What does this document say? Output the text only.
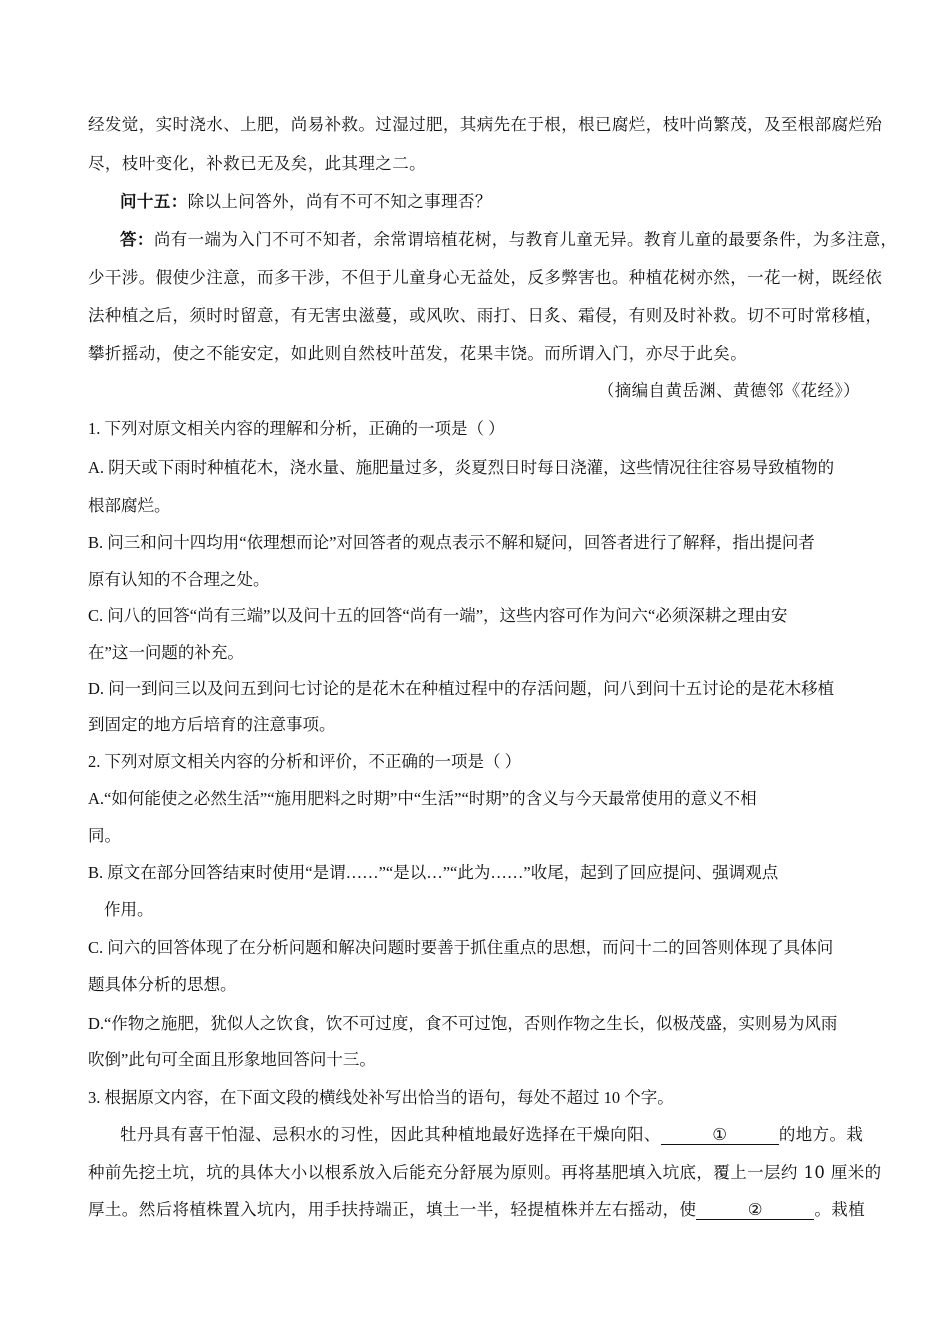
经发觉，实时浇水、上肥，尚易补救。过湿过肥，其病先在于根，根已腐烂，枝叶尚繁茂，及至根部腐烂殆
尽，枝叶变化，补救已无及矣，此其理之二。
问十五：除以上问答外，尚有不可不知之事理否？
答：尚有一端为入门不可不知者，余常谓培植花树，与教育儿童无异。教育儿童的最要条件，为多注意，
少干涉。假使少注意，而多干涉，不但于儿童身心无益处，反多弊害也。种植花树亦然，一花一树，既经依
法种植之后，须时时留意，有无害虫滋蔓，或风吹、雨打、日炙、霜侵，有则及时补救。切不可时常移植，
攀折摇动，使之不能安定，如此则自然枝叶茁发，花果丰饶。而所谓入门，亦尽于此矣。
（摘编自黄岳渊、黄德邻《花经》）
1. 下列对原文相关内容的理解和分析，正确的一项是（ ）
A. 阴天或下雨时种植花木，浇水量、施肥量过多，炎夏烈日时每日浇灌，这些情况往往容易导致植物的
根部腐烂。
B. 问三和问十四均用“依理想而论”对回答者的观点表示不解和疑问，回答者进行了解释，指出提问者
原有认知的不合理之处。
C. 问八的回答“尚有三端”以及问十五的回答“尚有一端”，这些内容可作为问六“必须深耕之理由安
在”这一问题的补充。
D. 问一到问三以及问五到问七讨论的是花木在种植过程中的存活问题，问八到问十五讨论的是花木移植
到固定的地方后培育的注意事项。
2. 下列对原文相关内容的分析和评价，不正确的一项是（ ）
A.“如何能使之必然生活”“施用肥料之时期”中“生活”“时期”的含义与今天最常使用的意义不相
同。
B. 原文在部分回答结束时使用“是谓……”“是以…”“此为……”收尾，起到了回应提问、强调观点
作用。
C. 问六的回答体现了在分析问题和解决问题时要善于抓住重点的思想，而问十二的回答则体现了具体问
题具体分析的思想。
D.“作物之施肥，犹似人之饮食，饮不可过度，食不可过饱，否则作物之生长，似极茂盛，实则易为风雨
吹倒”此句可全面且形象地回答问十三。
3. 根据原文内容，在下面文段的横线处补写出恰当的语句，每处不超过 10 个字。
牡丹具有喜干怕湿、忌积水的习性，因此其种植地最好选择在干燥向阳、	①	的地方。栽
种前先挖土坑，坑的具体大小以根系放入后能充分舒展为原则。再将基肥填入坑底，覆上一层约 10 厘米的
厚土。然后将植株置入坑内，用手扶持端正，填土一半，轻提植株并左右摇动，使	②	。栽植
